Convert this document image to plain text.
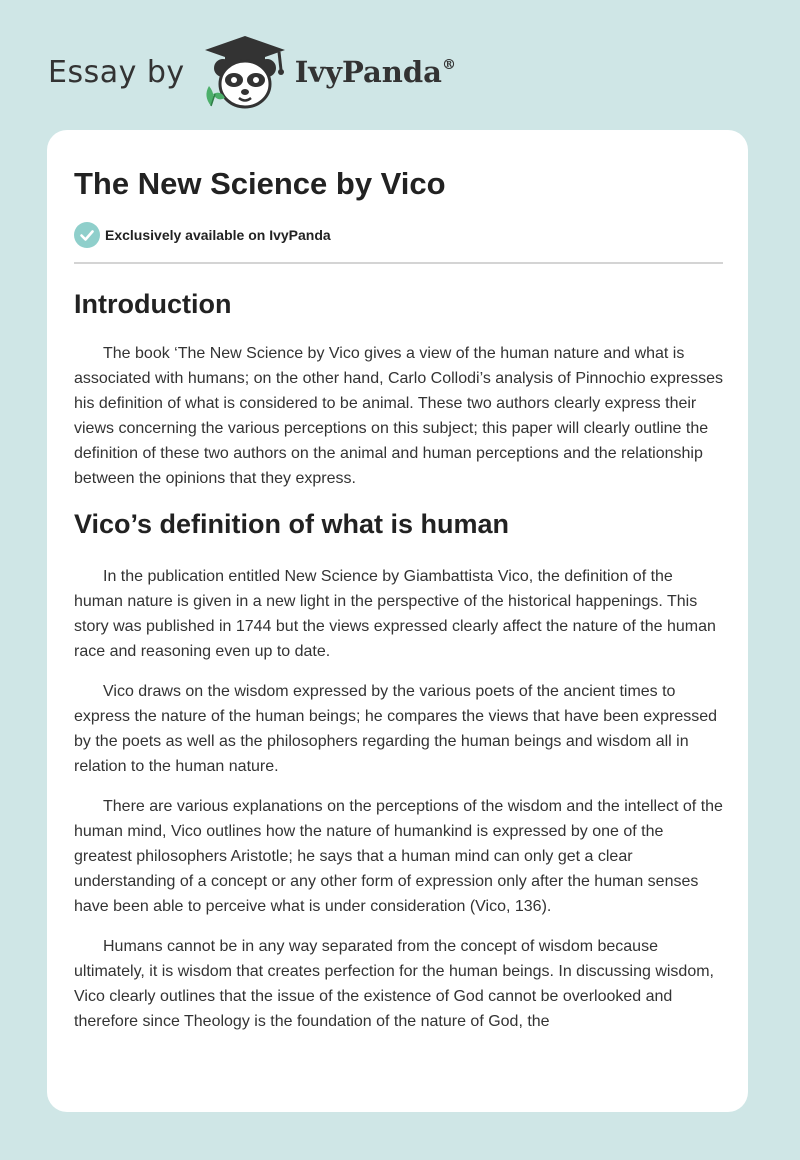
Essay by	IvyPanda®
The New Science by Vico
Exclusively available on IvyPanda
Introduction

The book ‘The New Science by Vico gives a view of the human nature and what is associated with humans; on the other hand, Carlo Collodi’s analysis of Pinnochio expresses his definition of what is considered to be animal. These two authors clearly express their views concerning the various perceptions on this subject; this paper will clearly outline the definition of these two authors on the animal and human perceptions and the relationship between the opinions that they express.

Vico’s definition of what is human

In the publication entitled New Science by Giambattista Vico, the definition of the human nature is given in a new light in the perspective of the historical happenings. This story was published in 1744 but the views expressed clearly affect the nature of the human race and reasoning even up to date.

Vico draws on the wisdom expressed by the various poets of the ancient times to express the nature of the human beings; he compares the views that have been expressed by the poets as well as the philosophers regarding the human beings and wisdom all in relation to the human nature.

There are various explanations on the perceptions of the wisdom and the intellect of the human mind, Vico outlines how the nature of humankind is expressed by one of the greatest philosophers Aristotle; he says that a human mind can only get a clear understanding of a concept or any other form of expression only after the human senses have been able to perceive what is under consideration (Vico, 136).

Humans cannot be in any way separated from the concept of wisdom because ultimately, it is wisdom that creates perfection for the human beings. In discussing wisdom, Vico clearly outlines that the issue of the existence of God cannot be overlooked and therefore since Theology is the foundation of the nature of God, the
